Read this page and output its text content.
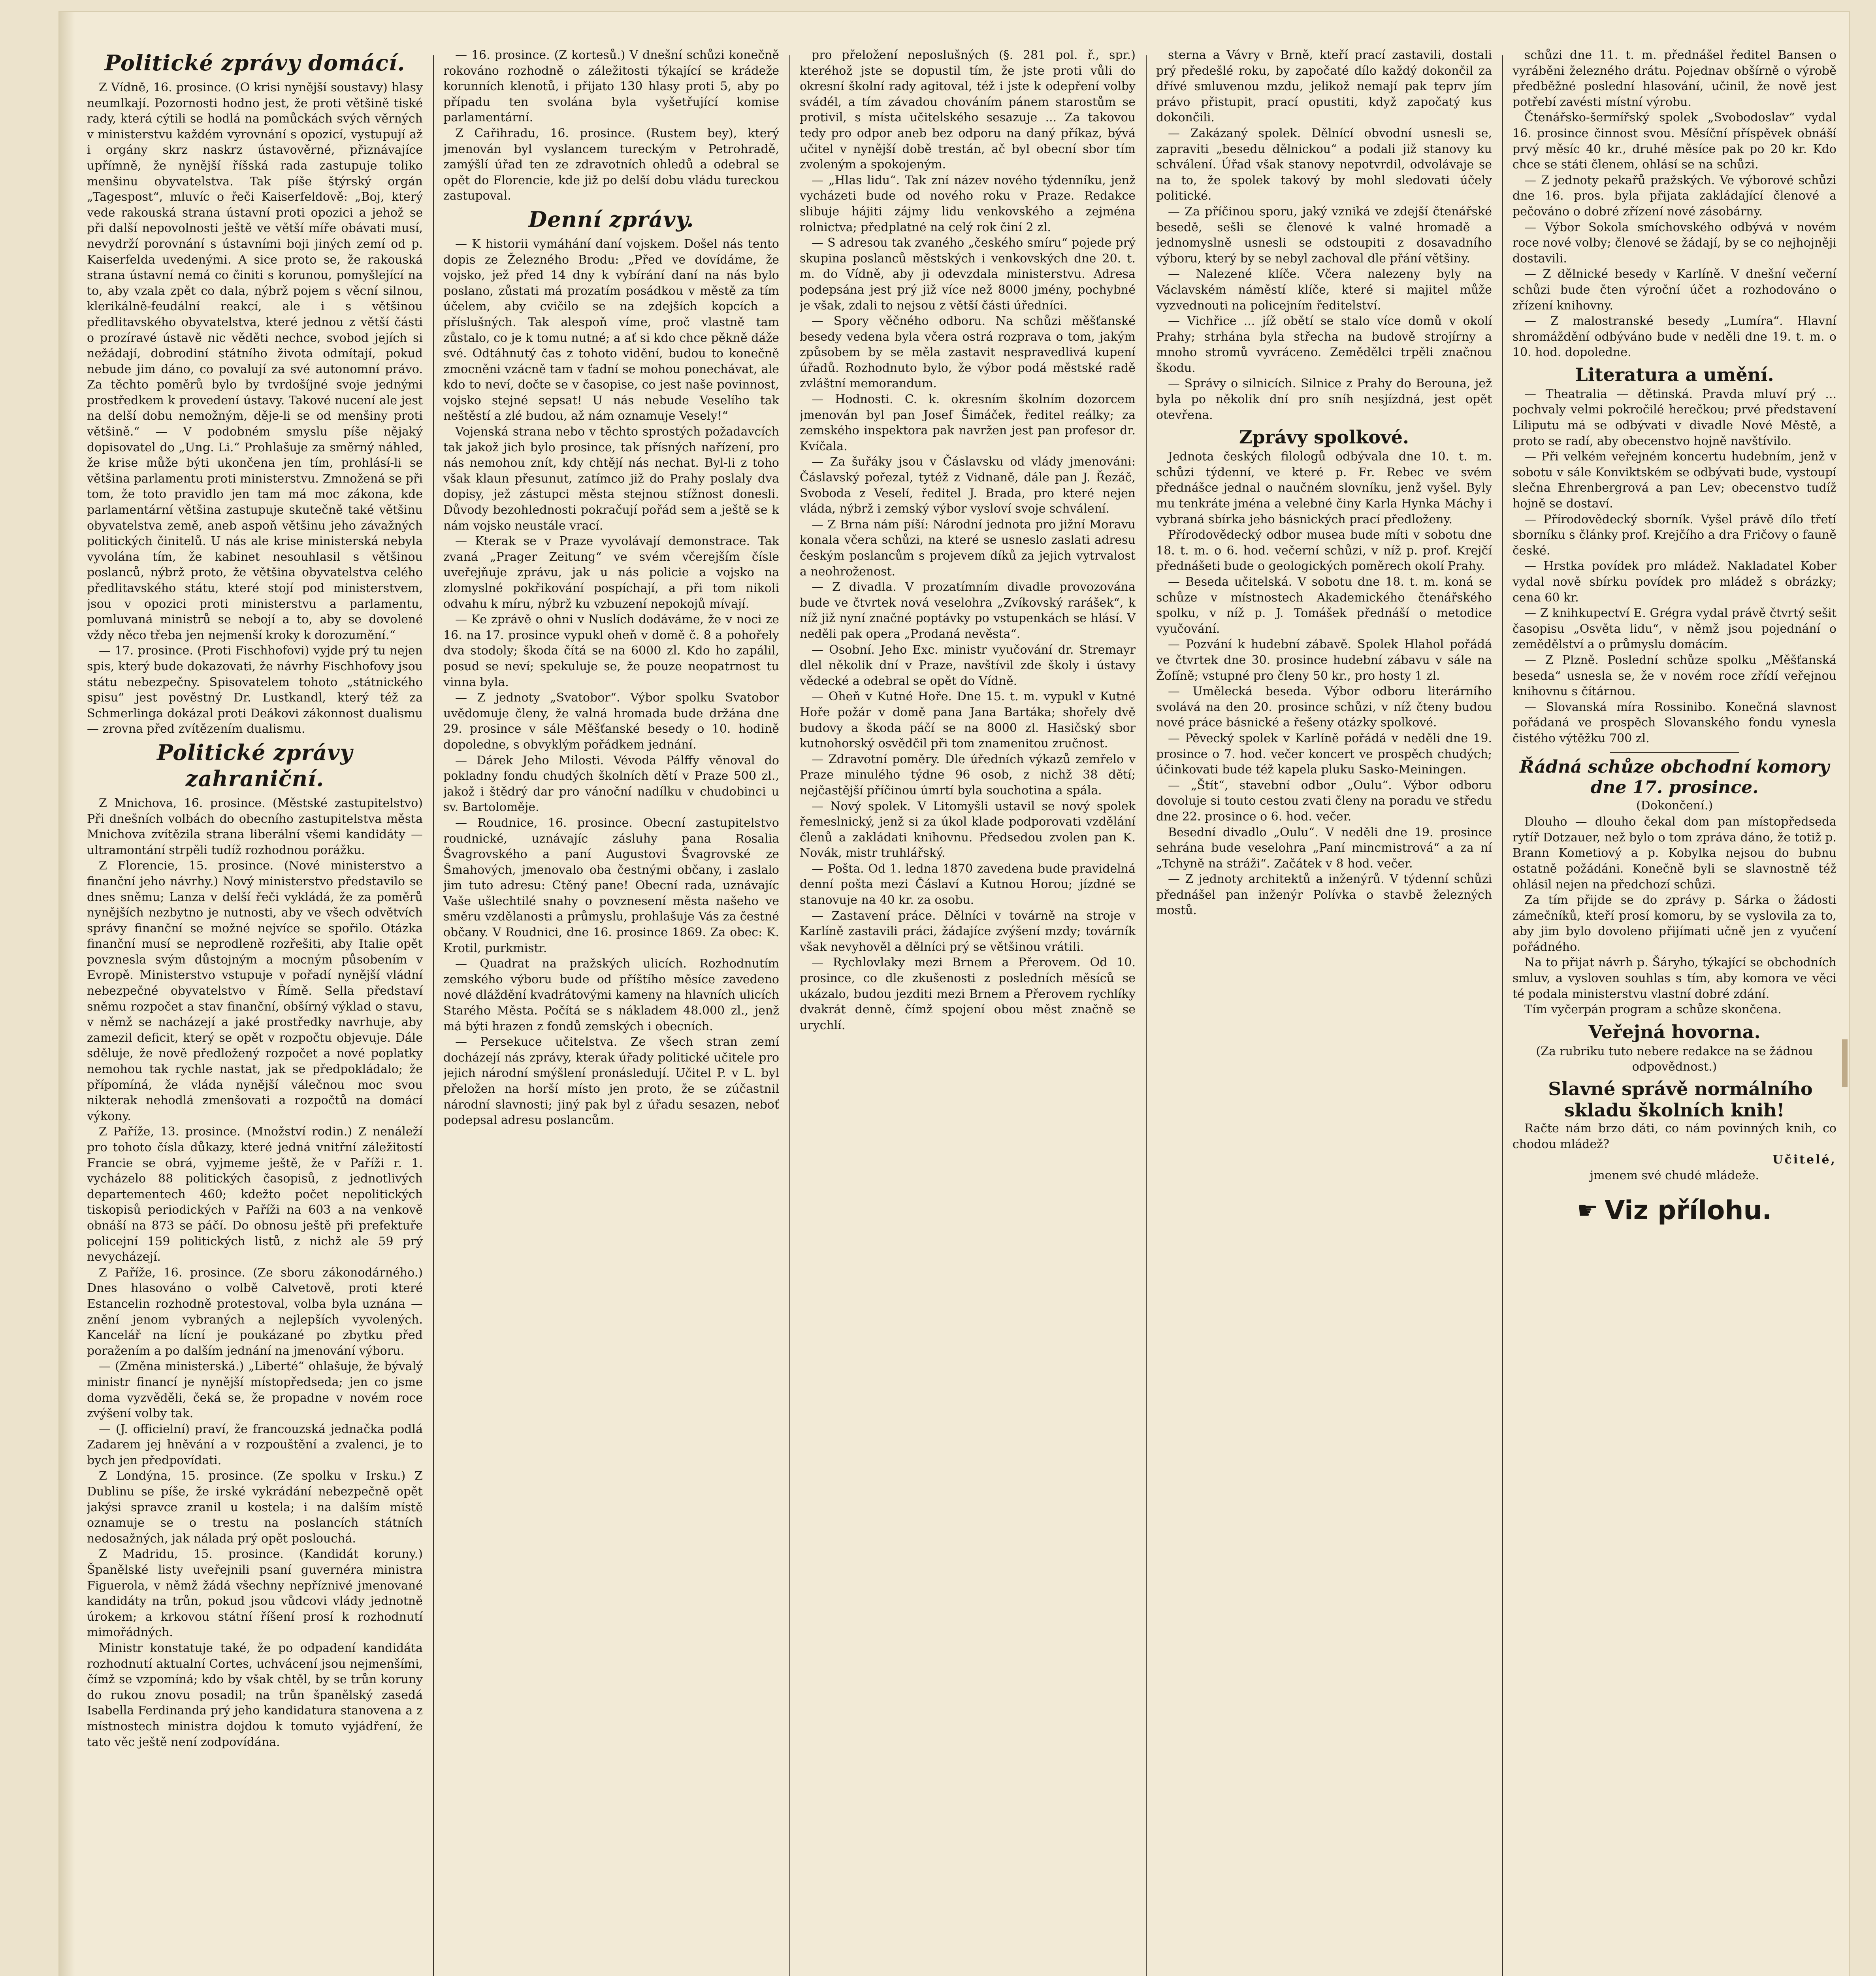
Politické zprávy domácí.

Z Vídně, 16. prosince. (O krisi nynější soustavy) hlasy neumlkají. Pozornosti hodno jest, že proti většině tiské rady, která cýtili se hodlá na pomůckách svých věrných v ministerstvu každém vyrovnání s opozicí, vystupují až i orgány skrz naskrz ústavověrné, přiznávajíce upřímně, že nynější říšská rada zastupuje toliko menšinu obyvatelstva. Tak píše štýrský orgán „Tagespost“, mluvíc o řeči Kaiserfeldově: „Boj, který vede rakouská strana ústavní proti opozici a jehož se při další nepovolnosti ještě ve větší míře obávati musí, nevydrží porovnání s ústavními boji jiných zemí od p. Kaiserfelda uvedenými. A sice proto se, že rakouská strana ústavní nemá co činiti s korunou, pomyšlející na to, aby vzala zpět co dala, nýbrž pojem s věcní silnou, klerikálně-feudální reakcí, ale i s většinou předlitavského obyvatelstva, které jednou z větší části o prozíravé ústavě nic věděti nechce, svobod jejích si nežádají, dobrodiní státního života odmítají, pokud nebude jim dáno, co povalují za své autonomní právo. Za těchto poměrů bylo by tvrdošíjné svoje jednými prostředkem k provedení ústavy. Takové nucení ale jest na delší dobu nemožným, děje-li se od menšiny proti většině.“ — V podobném smyslu píše nějaký dopisovatel do „Ung. Li.“ Prohlašuje za směrný náhled, že krise může býti ukončena jen tím, prohlásí-li se většina parlamentu proti ministerstvu. Zmnožená se při tom, že toto pravidlo jen tam má moc zákona, kde parlamentární většina zastupuje skutečně také většinu obyvatelstva země, aneb aspoň většinu jeho závažných politických činitelů. U nás ale krise ministerská nebyla vyvolána tím, že kabinet nesouhlasil s většinou poslanců, nýbrž proto, že většina obyvatelstva celého předlitavského státu, které stojí pod ministerstvem, jsou v opozici proti ministerstvu a parlamentu, pomluvaná ministrů se nebojí a to, aby se dovolené vždy něco třeba jen nejmenší kroky k dorozumění.“

— 17. prosince. (Proti Fischhofovi) vyjde prý tu nejen spis, který bude dokazovati, že návrhy Fischhofovy jsou státu nebezpečny. Spisovatelem tohoto „státnického spisu“ jest pověstný Dr. Lustkandl, který též za Schmerlinga dokázal proti Deákovi zákonnost dualismu — zrovna před zvítězením dualismu.

Politické zprávy zahraniční.

Z Mnichova, 16. prosince. (Městské zastupitelstvo) Při dnešních volbách do obecního zastupitelstva města Mnichova zvítězila strana liberální všemi kandidáty — ultramontání strpěli tudíž rozhodnou porážku.

Z Florencie, 15. prosince. (Nové ministerstvo a finanční jeho návrhy.) Nový ministerstvo představilo se dnes sněmu; Lanza v delší řeči vykládá, že za poměrů nynějších nezbytno je nutnosti, aby ve všech odvětvích správy finanční se možné nejvíce se spořilo. Otázka finanční musí se neprodleně rozřešiti, aby Italie opět povznesla svým důstojným a mocným působením v Evropě. Ministerstvo vstupuje v pořadí nynější vládní nebezpečné obyvatelstvo v Římě. Sella představí sněmu rozpočet a stav finanční, obšírný výklad o stavu, v němž se nacházejí a jaké prostředky navrhuje, aby zamezil deficit, který se opět v rozpočtu objevuje. Dále sděluje, že nově předložený rozpočet a nové poplatky nemohou tak rychle nastat, jak se předpokládalo; že přípomíná, že vláda nynější válečnou moc svou nikterak nehodlá zmenšovati a rozpočtů na domácí výkony.

Z Paříže, 13. prosince. (Množství rodin.) Z nenáleží pro tohoto čísla důkazy, které jedná vnitřní záležitostí Francie se obrá, vyjmeme ještě, že v Paříži r. 1. vycházelo 88 politických časopisů, z jednotlivých departementech 460; kdežto počet nepolitických tiskopisů periodických v Paříži na 603 a na venkově obnáší na 873 se páčí. Do obnosu ještě při prefektuře policejní 159 politických listů, z nichž ale 59 prý nevycházejí.

Z Paříže, 16. prosince. (Ze sboru zákonodárného.) Dnes hlasováno o volbě Calvetově, proti které Estancelin rozhodně protestoval, volba byla uznána — znění jenom vybraných a nejlepších vyvolených. Kancelář na lícní je poukázané po zbytku před poražením a po dalším jednání na jmenování výboru.

— (Změna ministerská.) „Liberté“ ohlašuje, že bývalý ministr financí je nynější místopředseda; jen co jsme doma vyzvěděli, čeká se, že propadne v novém roce zvýšení volby tak.

— (J. officielní) praví, že francouzská jednačka podlá Zadarem jej hněvání a v rozpouštění a zvalenci, je to bych jen předpovídati.

Z Londýna, 15. prosince. (Ze spolku v Irsku.) Z Dublinu se píše, že irské vykrádání nebezpečně opět jakýsi spravce zranil u kostela; i na dalším místě oznamuje se o trestu na poslancích státních nedosažných, jak nálada prý opět poslouchá.

Z Madridu, 15. prosince. (Kandidát koruny.) Španělské listy uveřejnili psaní guvernéra ministra Figuerola, v němž žádá všechny nepříznivé jmenované kandidáty na trůn, pokud jsou vůdcovi vlády jednotně úrokem; a krkovou státní říšení prosí k rozhodnutí mimořádných.

Ministr konstatuje také, že po odpadení kandidáta rozhodnutí aktualní Cortes, uchvácení jsou nejmenšími, čímž se vzpomíná; kdo by však chtěl, by se trůn koruny do rukou znovu posadil; na trůn španělský zasedá Isabella Ferdinanda prý jeho kandidatura stanovena a z místnostech ministra dojdou k tomuto vyjádření, že tato věc ještě není zodpovídána.

— 16. prosince. (Z kortesů.) V dnešní schůzi konečně rokováno rozhodně o záležitosti týkající se krádeže korunních klenotů, i přijato 130 hlasy proti 5, aby po případu ten svolána byla vyšetřující komise parlamentární.

Z Cařihradu, 16. prosince. (Rustem bey), který jmenován byl vyslancem tureckým v Petrohradě, zamýšlí úřad ten ze zdravotních ohledů a odebral se opět do Florencie, kde již po delší dobu vládu tureckou zastupoval.

Denní zprávy.

— K historii vymáhání daní vojskem. Došel nás tento dopis ze Železného Brodu: „Před ve dovídáme, že vojsko, jež před 14 dny k vybírání daní na nás bylo poslano, zůstati má prozatím posádkou v městě za tím účelem, aby cvičilo se na zdejších kopcích a příslušných. Tak alespoň víme, proč vlastně tam zůstalo, co je k tomu nutné; a ať si kdo chce pěkně dáže své. Odtáhnutý čas z tohoto vidění, budou to konečně zmocněni vzácně tam v ťadní se mohou ponechávat, ale kdo to neví, dočte se v časopise, co jest naše povinnost, vojsko stejné sepsat! U nás nebude Veselího tak neštěstí a zlé budou, až nám oznamuje Vesely!“

Vojenská strana nebo v těchto sprostých požadavcích tak jakož jich bylo prosince, tak přísných nařízení, pro nás nemohou znít, kdy chtějí nás nechat. Byl-li z toho však klaun přesunut, zatímco již do Prahy poslaly dva dopisy, jež zástupci města stejnou stížnost donesli. Důvody bezohlednosti pokračují pořád sem a ještě se k nám vojsko neustále vrací.

— Kterak se v Praze vyvolávají demonstrace. Tak zvaná „Prager Zeitung“ ve svém včerejším čísle uveřejňuje zprávu, jak u nás policie a vojsko na zlomyslné pokřikování pospíchají, a při tom nikoli odvahu k míru, nýbrž ku vzbuzení nepokojů mívají.

— Ke zprávě o ohni v Nuslích dodáváme, že v noci ze 16. na 17. prosince vypukl oheň v domě č. 8 a pohořely dva stodoly; škoda čítá se na 6000 zl. Kdo ho zapálil, posud se neví; spekuluje se, že pouze neopatrnost tu vinna byla.

— Z jednoty „Svatobor“. Výbor spolku Svatobor uvědomuje členy, že valná hromada bude držána dne 29. prosince v sále Měšťanské besedy o 10. hodině dopoledne, s obvyklým pořádkem jednání.

— Dárek Jeho Milosti. Vévoda Pálffy věnoval do pokladny fondu chudých školních dětí v Praze 500 zl., jakož i štědrý dar pro vánoční nadílku v chudobinci u sv. Bartoloměje.

— Roudnice, 16. prosince. Obecní zastupitelstvo roudnické, uznávajíc zásluhy pana Rosalia Švagrovského a paní Augustovi Švagrovské ze Šmahových, jmenovalo oba čestnými občany, i zaslalo jim tuto adresu: Ctěný pane! Obecní rada, uznávajíc Vaše ušlechtilé snahy o povznesení města našeho ve směru vzdělanosti a průmyslu, prohlašuje Vás za čestné občany. V Roudnici, dne 16. prosince 1869. Za obec: K. Krotil, purkmistr.

— Quadrat na pražských ulicích. Rozhodnutím zemského výboru bude od příštího měsíce zavedeno nové dláždění kvadrátovými kameny na hlavních ulicích Starého Města. Počítá se s nákladem 48.000 zl., jenž má býti hrazen z fondů zemských i obecních.

— Persekuce učitelstva. Ze všech stran zemí docházejí nás zprávy, kterak úřady politické učitele pro jejich národní smýšlení pronásledují. Učitel P. v L. byl přeložen na horší místo jen proto, že se zúčastnil národní slavnosti; jiný pak byl z úřadu sesazen, neboť podepsal adresu poslancům.

pro přeložení neposlušných (§. 281 pol. ř., spr.) kteréhož jste se dopustil tím, že jste proti vůli do okresní školní rady agitoval, též i jste k odepření volby svádél, a tím závadou chováním pánem starostům se protivil, s místa učitelského sesazuje ... Za takovou tedy pro odpor aneb bez odporu na daný příkaz, bývá učitel v nynější době trestán, ač byl obecní sbor tím zvoleným a spokojeným.

— „Hlas lidu“. Tak zní název nového týdenníku, jenž vycházeti bude od nového roku v Praze. Redakce slibuje hájiti zájmy lidu venkovského a zejména rolnictva; předplatné na celý rok činí 2 zl.

— S adresou tak zvaného „českého smíru“ pojede prý skupina poslanců městských i venkovských dne 20. t. m. do Vídně, aby ji odevzdala ministerstvu. Adresa podepsána jest prý již více než 8000 jmény, pochybné je však, zdali to nejsou z větší části úředníci.

— Spory věčného odboru. Na schůzi měšťanské besedy vedena byla včera ostrá rozprava o tom, jakým způsobem by se měla zastavit nespravedlivá kupení úřadů. Rozhodnuto bylo, že výbor podá městské radě zvláštní memorandum.

— Hodnosti. C. k. okresním školním dozorcem jmenován byl pan Josef Šimáček, ředitel reálky; za zemského inspektora pak navržen jest pan profesor dr. Kvíčala.

— Za šuřáky jsou v Čáslavsku od vlády jmenováni: Čáslavský pořezal, tytéž z Vidnaně, dále pan J. Řezáč, Svoboda z Veselí, ředitel J. Brada, pro které nejen vláda, nýbrž i zemský výbor vysloví svoje schválení.

— Z Brna nám píší: Národní jednota pro jižní Moravu konala včera schůzi, na které se usneslo zaslati adresu českým poslancům s projevem díků za jejich vytrvalost a neohroženost.

— Z divadla. V prozatímním divadle provozována bude ve čtvrtek nová veselohra „Zvíkovský rarášek“, k níž již nyní značné poptávky po vstupenkách se hlásí. V neděli pak opera „Prodaná nevěsta“.

— Osobní. Jeho Exc. ministr vyučování dr. Stremayr dlel několik dní v Praze, navštívil zde školy i ústavy vědecké a odebral se opět do Vídně.

— Oheň v Kutné Hoře. Dne 15. t. m. vypukl v Kutné Hoře požár v domě pana Jana Bartáka; shořely dvě budovy a škoda páčí se na 8000 zl. Hasičský sbor kutnohorský osvědčil při tom znamenitou zručnost.

— Zdravotní poměry. Dle úředních výkazů zemřelo v Praze minulého týdne 96 osob, z nichž 38 dětí; nejčastější příčinou úmrtí byla souchotina a spála.

— Nový spolek. V Litomyšli ustavil se nový spolek řemeslnický, jenž si za úkol klade podporovati vzdělání členů a zakládati knihovnu. Předsedou zvolen pan K. Novák, mistr truhlářský.

— Pošta. Od 1. ledna 1870 zavedena bude pravidelná denní pošta mezi Čáslaví a Kutnou Horou; jízdné se stanovuje na 40 kr. za osobu.

— Zastavení práce. Dělníci v továrně na stroje v Karlíně zastavili práci, žádajíce zvýšení mzdy; továrník však nevyhověl a dělníci prý se většinou vrátili.

— Rychlovlaky mezi Brnem a Přerovem. Od 10. prosince, co dle zkušenosti z posledních měsíců se ukázalo, budou jezditi mezi Brnem a Přerovem rychlíky dvakrát denně, čímž spojení obou měst značně se urychlí.

sterna a Vávry v Brně, kteří prací zastavili, dostali prý předešlé roku, by započaté dílo každý dokončil za dřívé smluvenou mzdu, jelikož nemají pak teprv jím právo přistupit, prací opustiti, když započatý kus dokončili.

— Zakázaný spolek. Dělnící obvodní usnesli se, zapraviti „besedu dělnickou“ a podali již stanovy ku schválení. Úřad však stanovy nepotvrdil, odvolávaje se na to, že spolek takový by mohl sledovati účely politické.

— Za příčinou sporu, jaký vzniká ve zdejší čtenářské besedě, sešli se členové k valné hromadě a jednomyslně usnesli se odstoupiti z dosavadního výboru, který by se nebyl zachoval dle přání většiny.

— Nalezené klíče. Včera nalezeny byly na Václavském náměstí klíče, které si majitel může vyzvednouti na policejním ředitelství.

— Vichřice ... jíž obětí se stalo více domů v okolí Prahy; strhána byla střecha na budově strojírny a mnoho stromů vyvráceno. Zemědělci trpěli značnou škodu.

— Správy o silnicích. Silnice z Prahy do Berouna, jež byla po několik dní pro sníh nesjízdná, jest opět otevřena.

Zprávy spolkové.

Jednota českých filologů odbývala dne 10. t. m. schůzi týdenní, ve které p. Fr. Rebec ve svém přednášce jednal o naučném slovníku, jenž vyšel. Byly mu tenkráte jména a velebné činy Karla Hynka Máchy i vybraná sbírka jeho básnických prací předloženy.

Přírodovědecký odbor musea bude míti v sobotu dne 18. t. m. o 6. hod. večerní schůzi, v níž p. prof. Krejčí přednášeti bude o geologických poměrech okolí Prahy.

— Beseda učitelská. V sobotu dne 18. t. m. koná se schůze v místnostech Akademického čtenářského spolku, v níž p. J. Tomášek přednáší o metodice vyučování.

— Pozvání k hudební zábavě. Spolek Hlahol pořádá ve čtvrtek dne 30. prosince hudební zábavu v sále na Žofíně; vstupné pro členy 50 kr., pro hosty 1 zl.

— Umělecká beseda. Výbor odboru literárního svolává na den 20. prosince schůzi, v níž čteny budou nové práce básnické a řešeny otázky spolkové.

— Pěvecký spolek v Karlíně pořádá v neděli dne 19. prosince o 7. hod. večer koncert ve prospěch chudých; účinkovati bude též kapela pluku Sasko-Meiningen.

— „Štít“, stavební odbor „Oulu“. Výbor odboru dovoluje si touto cestou zvati členy na poradu ve středu dne 22. prosince o 6. hod. večer.

Besední divadlo „Oulu“. V neděli dne 19. prosince sehrána bude veselohra „Paní mincmistrová“ a za ní „Tchyně na stráži“. Začátek v 8 hod. večer.

— Z jednoty architektů a inženýrů. V týdenní schůzi přednášel pan inženýr Polívka o stavbě železných mostů.

schůzi dne 11. t. m. přednášel ředitel Bansen o vyráběni železného drátu. Pojednav obšírně o výrobě předběžné poslední hlasování, učinil, že nově jest potřebí zavésti místní výrobu.

Čtenářsko-šermířský spolek „Svobodoslav“ vydal 16. prosince činnost svou. Měsíční příspěvek obnáší prvý měsíc 40 kr., druhé měsíce pak po 20 kr. Kdo chce se státi členem, ohlásí se na schůzi.

— Z jednoty pekařů pražských. Ve výborové schůzi dne 16. pros. byla přijata zakládající členové a pečováno o dobré zřízení nové zásobárny.

— Výbor Sokola smíchovského odbývá v novém roce nové volby; členové se žádají, by se co nejhojněji dostavili.

— Z dělnické besedy v Karlíně. V dnešní večerní schůzi bude čten výroční účet a rozhodováno o zřízení knihovny.

— Z malostranské besedy „Lumíra“. Hlavní shromáždění odbýváno bude v neděli dne 19. t. m. o 10. hod. dopoledne.

Literatura a umění.

— Theatralia — dětinská. Pravda mluví prý ... pochvaly velmi pokročilé herečkou; prvé představení Liliputu má se odbývati v divadle Nové Městě, a proto se radí, aby obecenstvo hojně navštívilo.

— Při velkém veřejném koncertu hudebním, jenž v sobotu v sále Konviktském se odbývati bude, vystoupí slečna Ehrenbergrová a pan Lev; obecenstvo tudíž hojně se dostaví.

— Přírodovědecký sborník. Vyšel právě dílo třetí sborníku s články prof. Krejčího a dra Fričovy o fauně české.

— Hrstka povídek pro mládež. Nakladatel Kober vydal nově sbírku povídek pro mládež s obrázky; cena 60 kr.

— Z knihkupectví E. Grégra vydal právě čtvrtý sešit časopisu „Osvěta lidu“, v němž jsou pojednání o zemědělství a o průmyslu domácím.

— Z Plzně. Poslední schůze spolku „Měšťanská beseda“ usnesla se, že v novém roce zřídí veřejnou knihovnu s čítárnou.

— Slovanská míra Rossinibo. Konečná slavnost pořádaná ve prospěch Slovanského fondu vynesla čistého výtěžku 700 zl.

Řádná schůze obchodní komory dne 17. prosince.
(Dokončení.)

Dlouho — dlouho čekal dom pan místopředseda rytíř Dotzauer, než bylo o tom zpráva dáno, že totiž p. Brann Kometiový a p. Kobylka nejsou do bubnu ostatně požádáni. Konečně byli se slavnostně též ohlásil nejen na předchozí schůzi.

Za tím přijde se do zprávy p. Sárka o žádosti zámečníků, kteří prosí komoru, by se vyslovila za to, aby jim bylo dovoleno přijímati učně jen z vyučení pořádného.

Na to přijat návrh p. Šáryho, týkající se obchodních smluv, a vysloven souhlas s tím, aby komora ve věci té podala ministerstvu vlastní dobré zdání.

Tím vyčerpán program a schůze skončena.

Veřejná hovorna.
(Za rubriku tuto nebere redakce na se žádnou odpovědnost.)

Slavné správě normálního skladu školních knih!

Račte nám brzo dáti, co nám povinných knih, co chodou mládež?

Učitelé,

jmenem své chudé mládeže.

☛ Viz přílohu.
